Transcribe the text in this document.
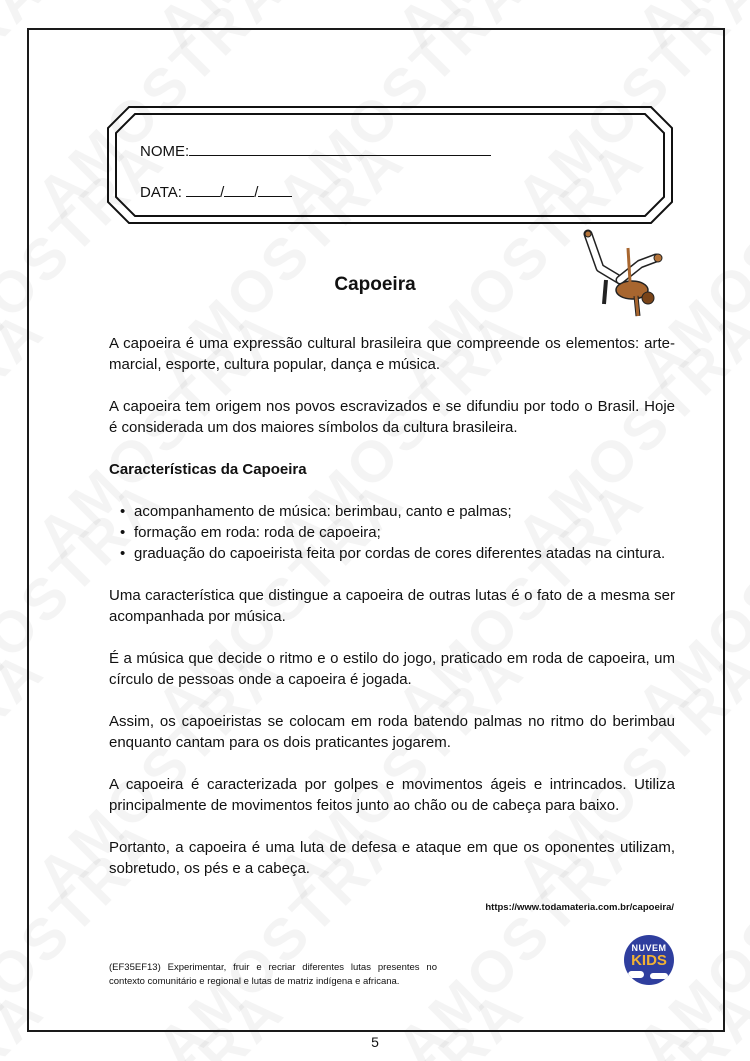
NOME:
DATA:	/ /
Capoeira

A capoeira é uma expressão cultural brasileira que compreende os elementos: arte-marcial, esporte, cultura popular, dança e música.

A capoeira tem origem nos povos escravizados e se difundiu por todo o Brasil. Hoje é considerada um dos maiores símbolos da cultura brasileira.

Características da Capoeira
• acompanhamento de música: berimbau, canto e palmas;
• formação em roda: roda de capoeira;
• graduação do capoeirista feita por cordas de cores diferentes atadas na cintura.

Uma característica que distingue a capoeira de outras lutas é o fato de a mesma ser acompanhada por música.

É a música que decide o ritmo e o estilo do jogo, praticado em roda de capoeira, um círculo de pessoas onde a capoeira é jogada.

Assim, os capoeiristas se colocam em roda batendo palmas no ritmo do berimbau enquanto cantam para os dois praticantes jogarem.

A capoeira é caracterizada por golpes e movimentos ágeis e intrincados. Utiliza principalmente de movimentos feitos junto ao chão ou de cabeça para baixo.

Portanto, a capoeira é uma luta de defesa e ataque em que os oponentes utilizam, sobretudo, os pés e a cabeça.

https://www.todamateria.com.br/capoeira/
(EF35EF13) Experimentar, fruir e recriar diferentes lutas presentes no contexto comunitário e regional e lutas de matriz indígena e africana.
NUVEM
KIDS
5
